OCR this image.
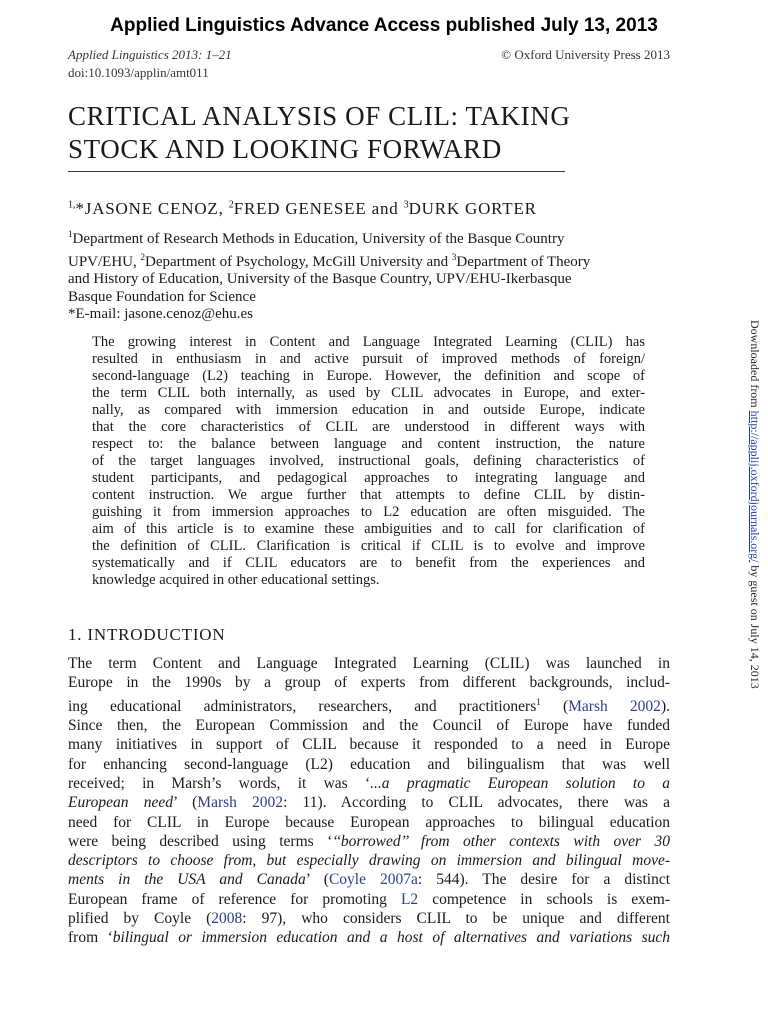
Applied Linguistics Advance Access published July 13, 2013
Applied Linguistics 2013: 1–21	© Oxford University Press 2013
doi:10.1093/applin/amt011
CRITICAL ANALYSIS OF CLIL: TAKING
STOCK AND LOOKING FORWARD
$^{1,}$*JASONE CENOZ, $^2$FRED GENESEE and $^3$DURK GORTER
$^1$Department of Research Methods in Education, University of the Basque Country
UPV/EHU, $^2$Department of Psychology, McGill University and $^3$Department of Theory
and History of Education, University of the Basque Country, UPV/EHU-Ikerbasque
Basque Foundation for Science
*E-mail: jasone.cenoz@ehu.es
The growing interest in Content and Language Integrated Learning (CLIL) has
resulted in enthusiasm in and active pursuit of improved methods of foreign/
second-language (L2) teaching in Europe. However, the definition and scope of
the term CLIL both internally, as used by CLIL advocates in Europe, and exter-
nally, as compared with immersion education in and outside Europe, indicate
that the core characteristics of CLIL are understood in different ways with
respect to: the balance between language and content instruction, the nature
of the target languages involved, instructional goals, defining characteristics of
student participants, and pedagogical approaches to integrating language and
content instruction. We argue further that attempts to define CLIL by distin-
guishing it from immersion approaches to L2 education are often misguided. The
aim of this article is to examine these ambiguities and to call for clarification of
the definition of CLIL. Clarification is critical if CLIL is to evolve and improve
systematically and if CLIL educators are to benefit from the experiences and
knowledge acquired in other educational settings.
1. INTRODUCTION
The term Content and Language Integrated Learning (CLIL) was launched in
Europe in the 1990s by a group of experts from different backgrounds, includ-
ing educational administrators, researchers, and practitioners$^1$ (Marsh 2002).
Since then, the European Commission and the Council of Europe have funded
many initiatives in support of CLIL because it responded to a need in Europe
for enhancing second-language (L2) education and bilingualism that was well
received; in Marsh’s words, it was ‘...a pragmatic European solution to a
European need’ (Marsh 2002: 11). According to CLIL advocates, there was a
need for CLIL in Europe because European approaches to bilingual education
were being described using terms ‘‘‘borrowed’’ from other contexts with over 30
descriptors to choose from, but especially drawing on immersion and bilingual move-
ments in the USA and Canada’ (Coyle 2007a: 544). The desire for a distinct
European frame of reference for promoting L2 competence in schools is exem-
plified by Coyle (2008: 97), who considers CLIL to be unique and different
from ‘bilingual or immersion education and a host of alternatives and variations such
Downloaded from http://applij.oxfordjournals.org/ by guest on July 14, 2013
